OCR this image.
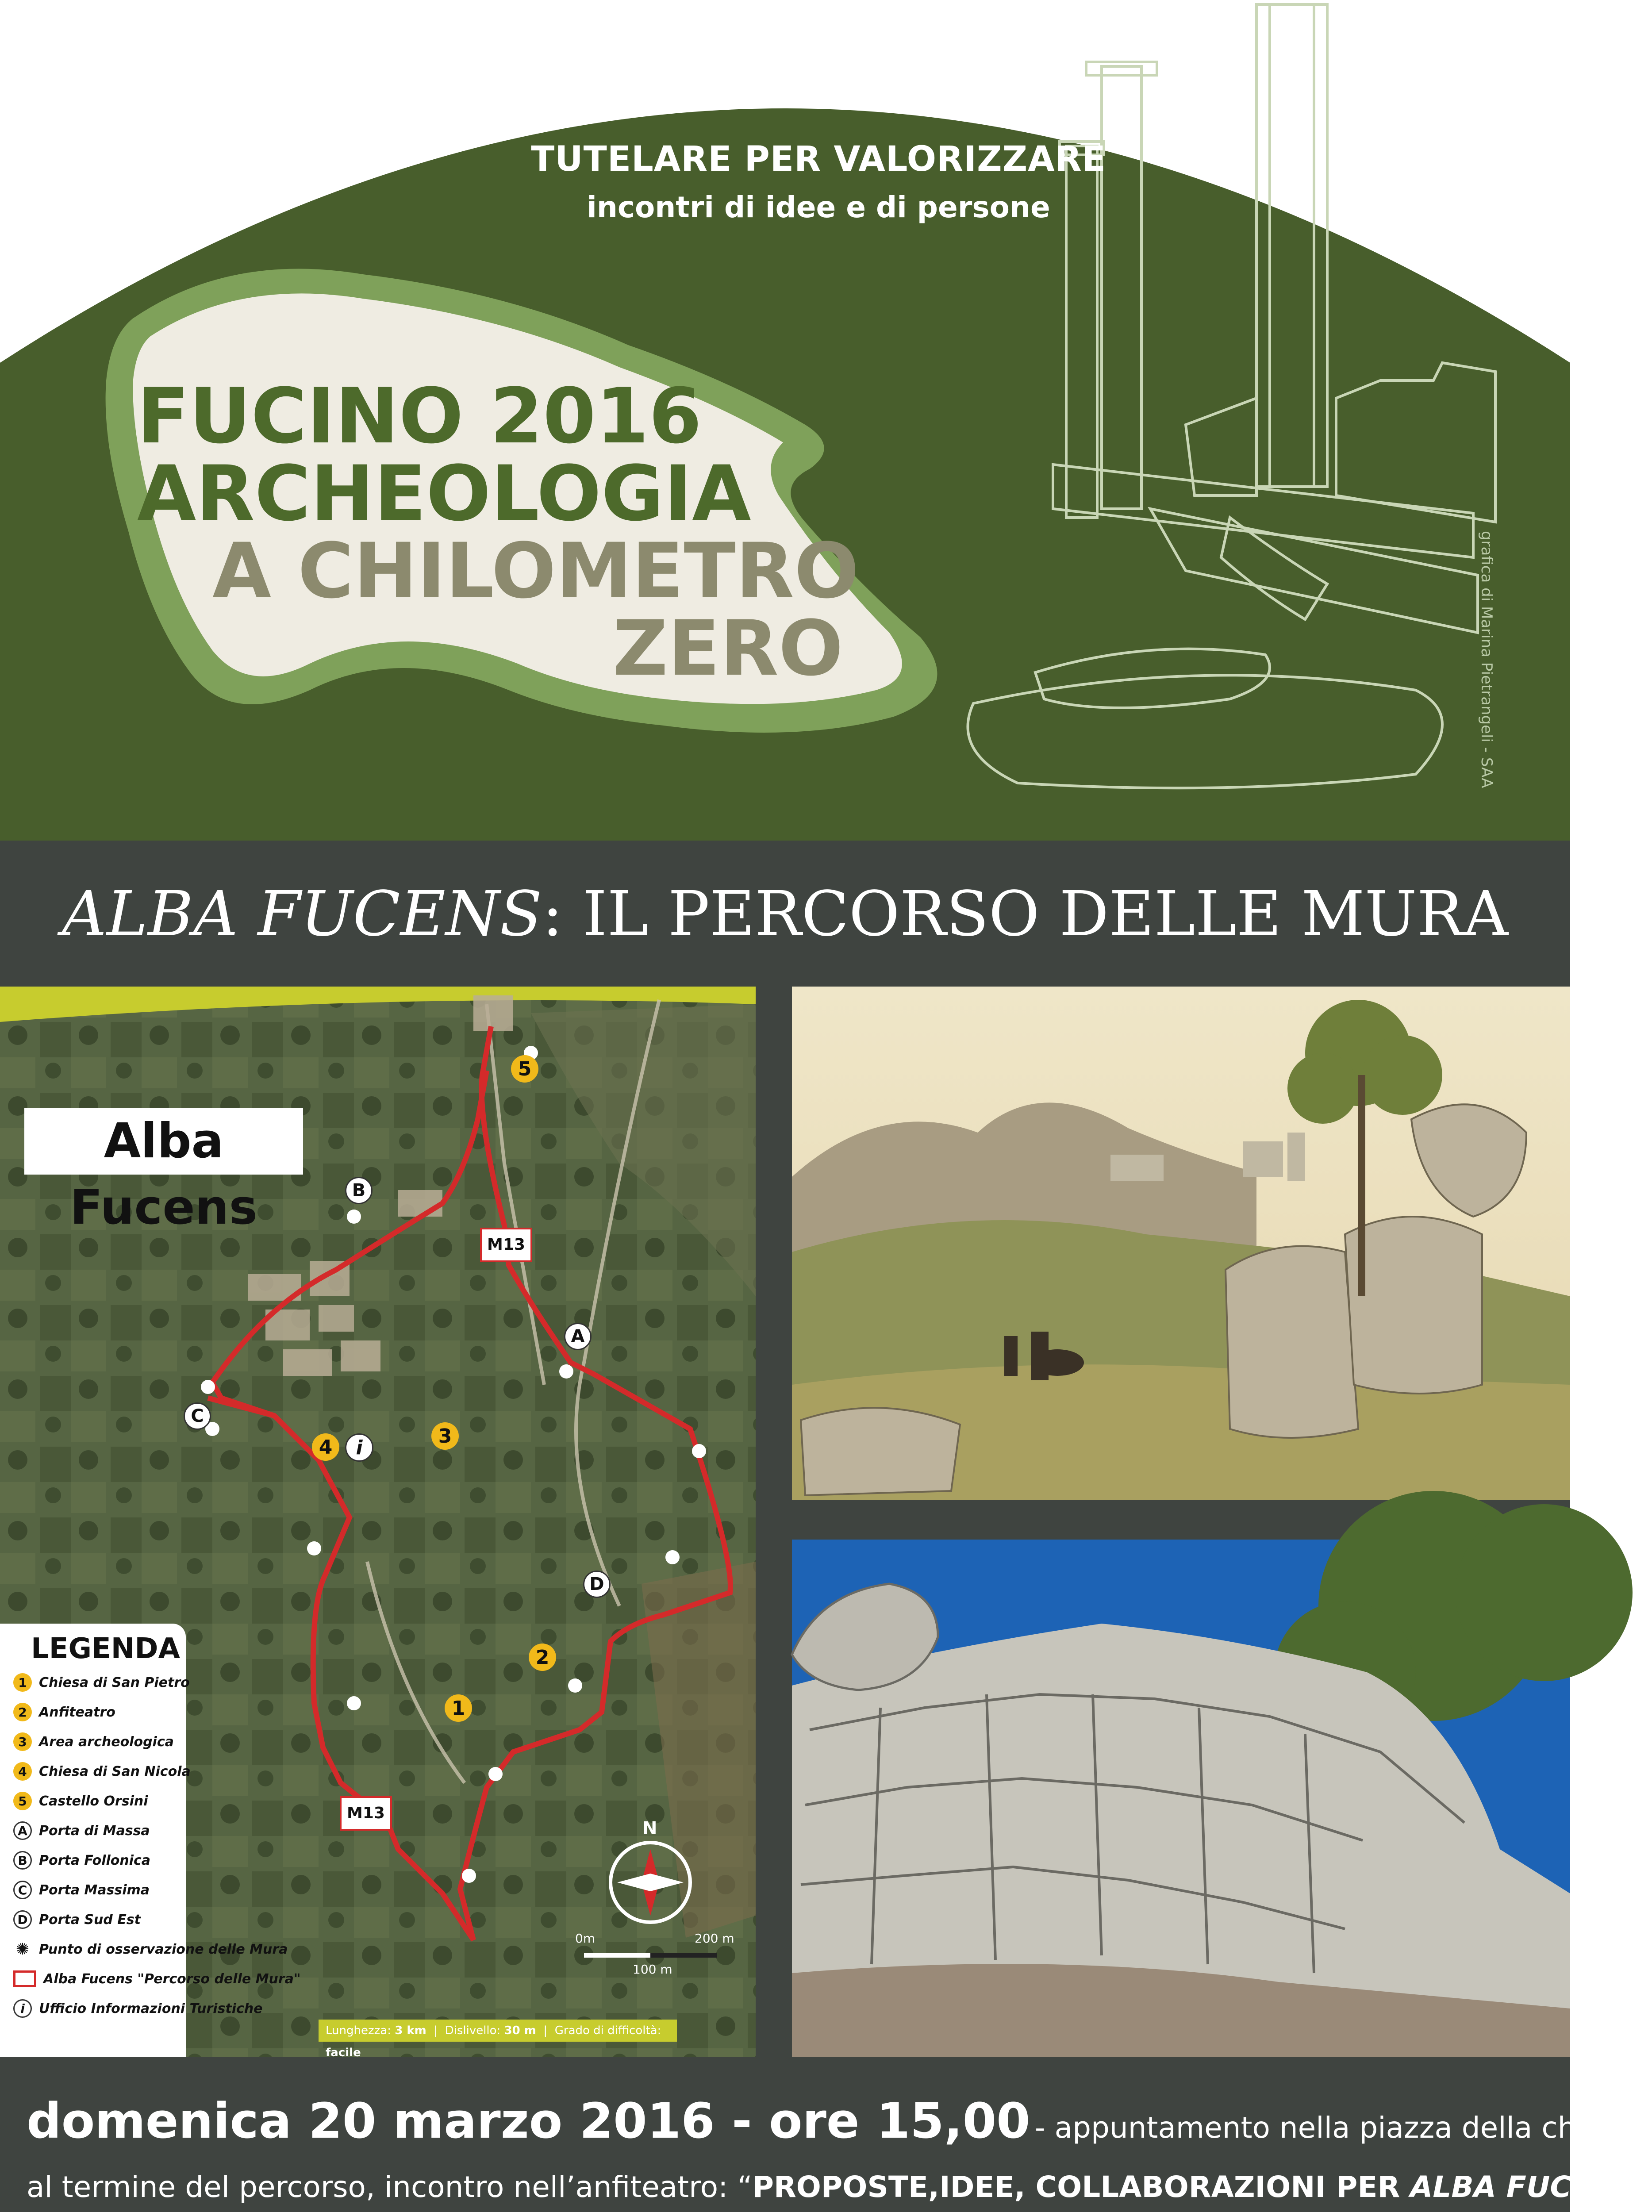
TUTELARE PER VALORIZZARE
incontri di idee e di persone
FUCINO 2016
ARCHEOLOGIA
A CHILOMETRO
ZERO	grafica di Marina Pietrangeli - SAA
ALBA FUCENS: IL PERCORSO DELLE MURA
Alba Fucens
5
B
M13
A
C
4	i
3
D
2
1
M13
N
0m
100 m
200 m
LEGENDA
1 Chiesa di San Pietro
2 Anfiteatro
3 Area archeologica
4 Chiesa di San Nicola
5 Castello Orsini
A Porta di Massa
B Porta Follonica
C Porta Massima
D Porta Sud Est
✺ Punto di osservazione delle Mura
Alba Fucens "Percorso delle Mura"
i	Ufficio Informazioni Turistiche
Lunghezza: 3 km  |  Dislivello: 30 m  |  Grado di difficoltà: facile
domenica 20 marzo 2016 - ore 15,00 - appuntamento nella piazza della chiesa
al termine del percorso, incontro nell’anfiteatro: “PROPOSTE,IDEE, COLLABORAZIONI PER ALBA FUCENS”
